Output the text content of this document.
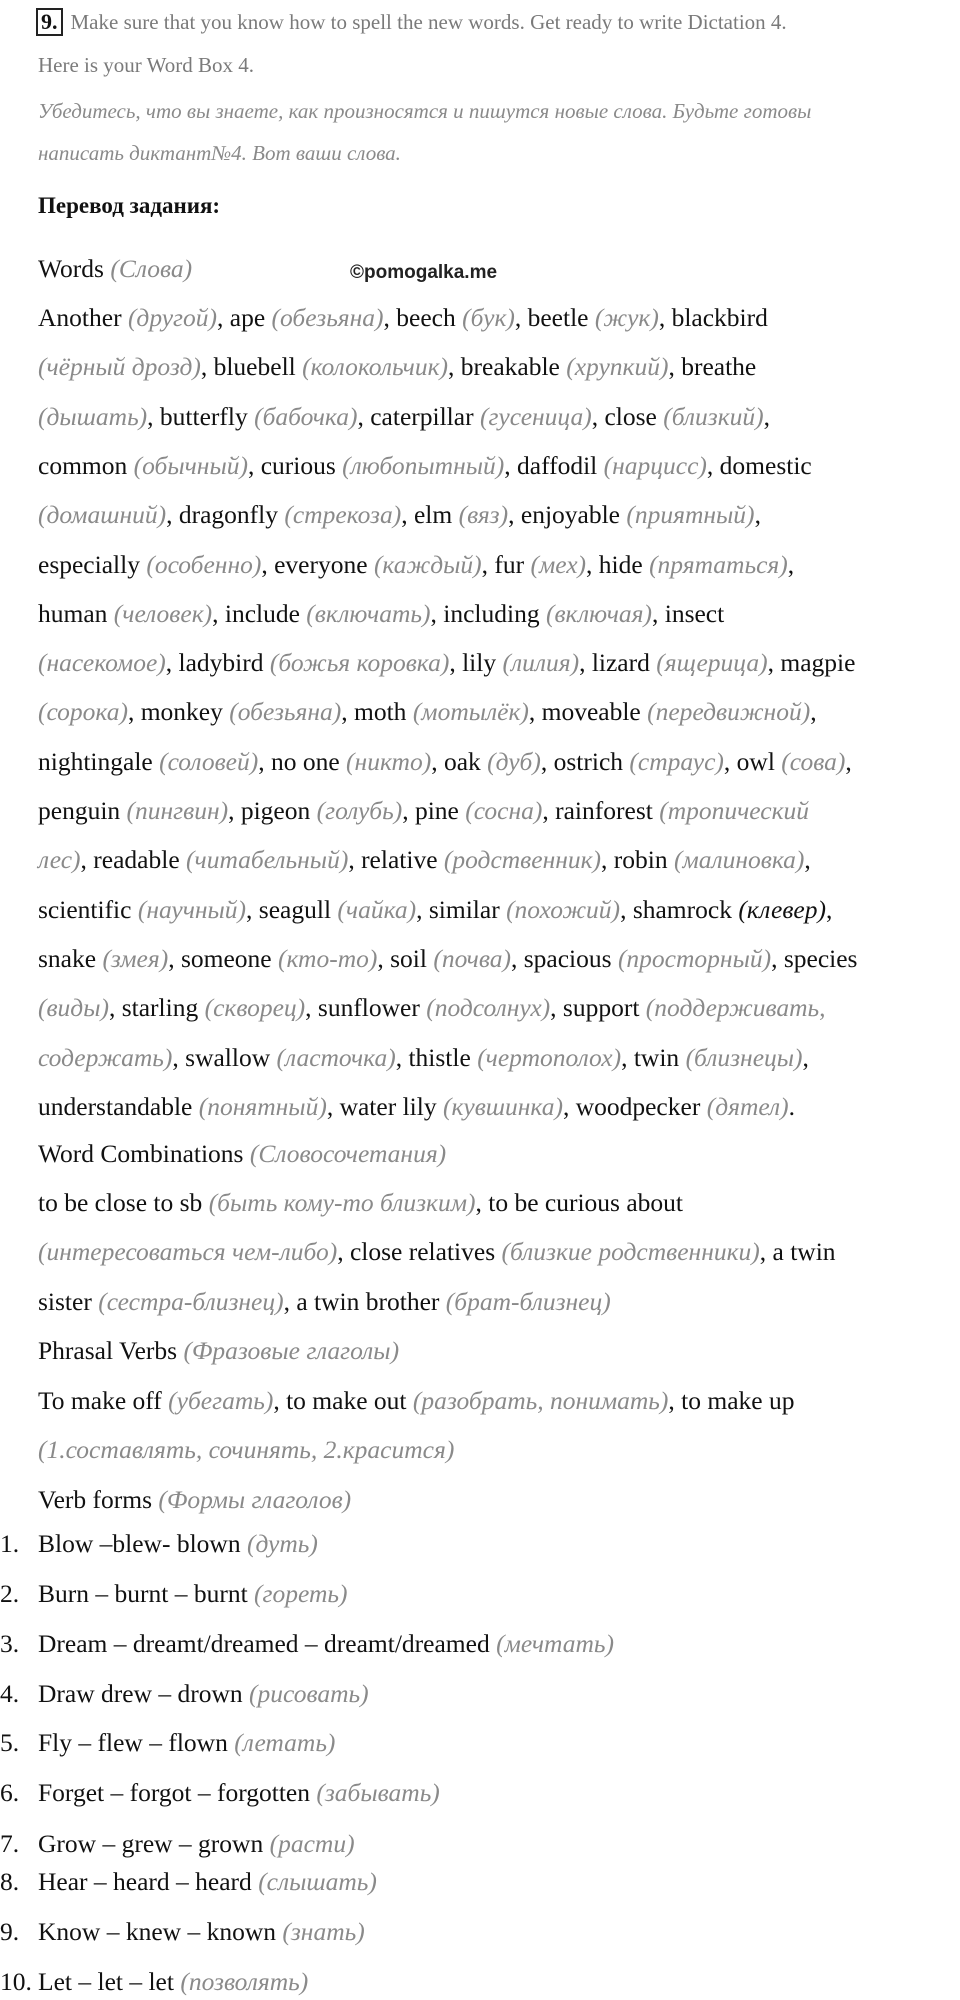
9. Make sure that you know how to spell the new words. Get ready to write Dictation 4.
Here is your Word Box 4.
Убедитесь, что вы знаете, как произносятся и пишутся новые слова. Будьте готовы
написать диктант№4. Вот ваши слова.
Перевод задания:
Words (Слова)	©pomogalka.me
Another (другой), ape (обезьяна), beech (бук), beetle (жук), blackbird
(чёрный дрозд), bluebell (колокольчик), breakable (хрупкий), breathe
(дышать), butterfly (бабочка), caterpillar (гусеница), close (близкий),
common (обычный), curious (любопытный), daffodil (нарцисс), domestic
(домашний), dragonfly (стрекоза), elm (вяз), enjoyable (приятный),
especially (особенно), everyone (каждый), fur (мех), hide (прятаться),
human (человек), include (включать), including (включая), insect
(насекомое), ladybird (божья коровка), lily (лилия), lizard (ящерица), magpie
(сорока), monkey (обезьяна), moth (мотылёк), moveable (передвижной),
nightingale (соловей), no one (никто), oak (дуб), ostrich (страус), owl (сова),
penguin (пингвин), pigeon (голубь), pine (сосна), rainforest (тропический
лес), readable (читабельный), relative (родственник), robin (малиновка),
scientific (научный), seagull (чайка), similar (похожий), shamrock (клевер),
snake (змея), someone (кто-то), soil (почва), spacious (просторный), species
(виды), starling (скворец), sunflower (подсолнух), support (поддерживать,
содержать), swallow (ласточка), thistle (чертополох), twin (близнецы),
understandable (понятный), water lily (кувшинка), woodpecker (дятел).
Word Combinations (Словосочетания)
to be close to sb (быть кому-то близким), to be curious about
(интересоваться чем-либо), close relatives (близкие родственники), a twin
sister (сестра-близнец), a twin brother (брат-близнец)
Phrasal Verbs (Фразовые глаголы)
To make off (убегать), to make out (разобрать, понимать), to make up
(1.составлять, сочинять, 2.красится)
Verb forms (Формы глаголов)
1. Blow –blew- blown (дуть)
2. Burn – burnt – burnt (гореть)
3. Dream – dreamt/dreamed – dreamt/dreamed (мечтать)
4. Draw drew – drown (рисовать)
5. Fly – flew – flown (летать)
6. Forget – forgot – forgotten (забывать)
7. Grow – grew – grown (расти)
8. Hear – heard – heard (слышать)
9. Know – knew – known (знать)
10. Let – let – let (позволять)
